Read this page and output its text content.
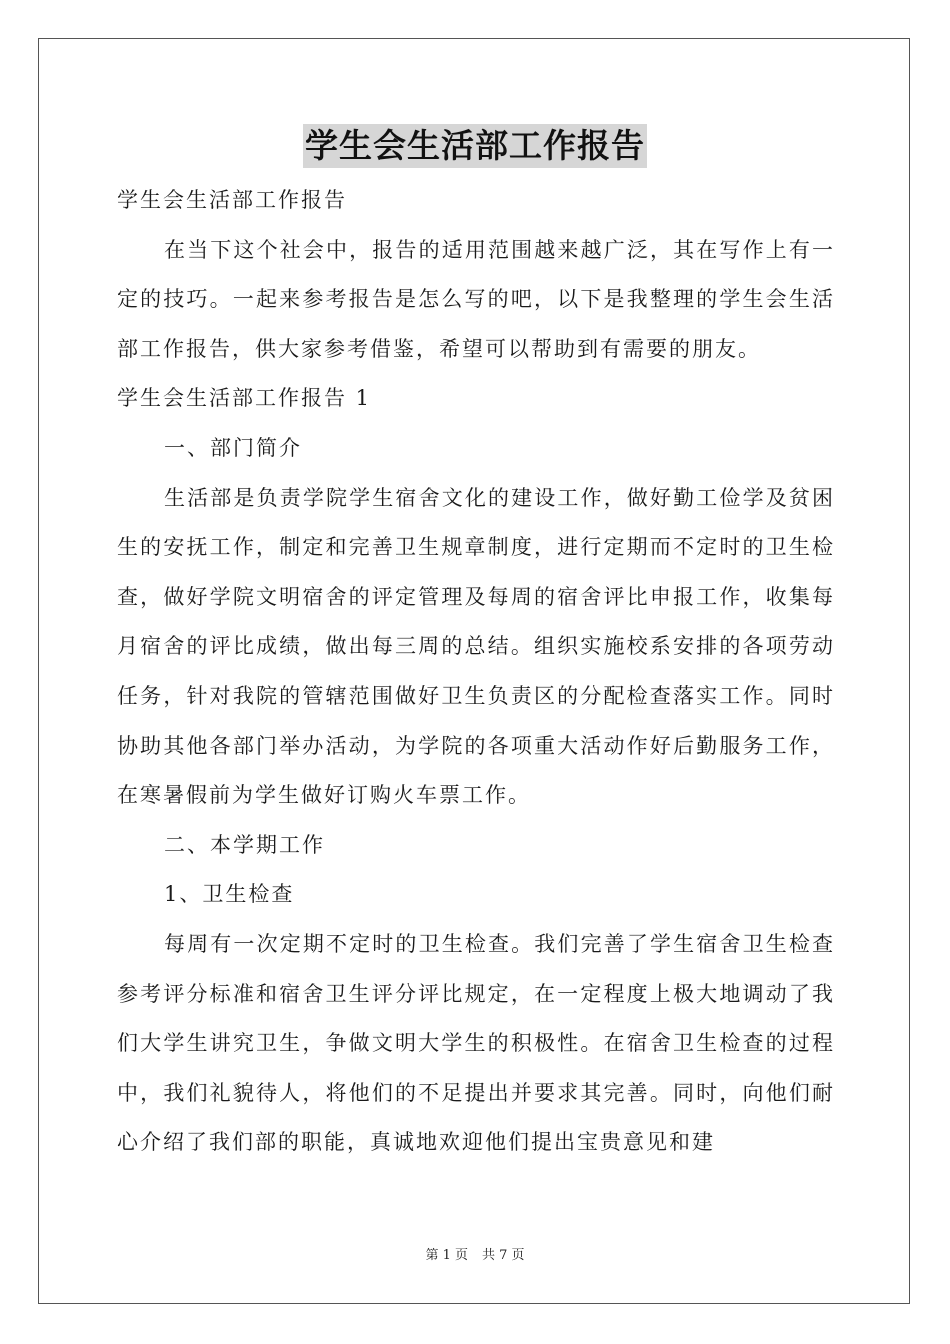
学生会生活部工作报告

学生会生活部工作报告

在当下这个社会中，报告的适用范围越来越广泛，其在写作上有一定的技巧。一起来参考报告是怎么写的吧，以下是我整理的学生会生活部工作报告，供大家参考借鉴，希望可以帮助到有需要的朋友。

学生会生活部工作报告 1

一、部门简介

生活部是负责学院学生宿舍文化的建设工作，做好勤工俭学及贫困生的安抚工作，制定和完善卫生规章制度，进行定期而不定时的卫生检查，做好学院文明宿舍的评定管理及每周的宿舍评比申报工作，收集每月宿舍的评比成绩，做出每三周的总结。组织实施校系安排的各项劳动任务，针对我院的管辖范围做好卫生负责区的分配检查落实工作。同时协助其他各部门举办活动，为学院的各项重大活动作好后勤服务工作，在寒暑假前为学生做好订购火车票工作。

二、本学期工作

1、卫生检查

每周有一次定期不定时的卫生检查。我们完善了学生宿舍卫生检查参考评分标准和宿舍卫生评分评比规定，在一定程度上极大地调动了我们大学生讲究卫生，争做文明大学生的积极性。在宿舍卫生检查的过程中，我们礼貌待人，将他们的不足提出并要求其完善。同时，向他们耐心介绍了我们部的职能，真诚地欢迎他们提出宝贵意见和建

第 1 页 共 7 页
